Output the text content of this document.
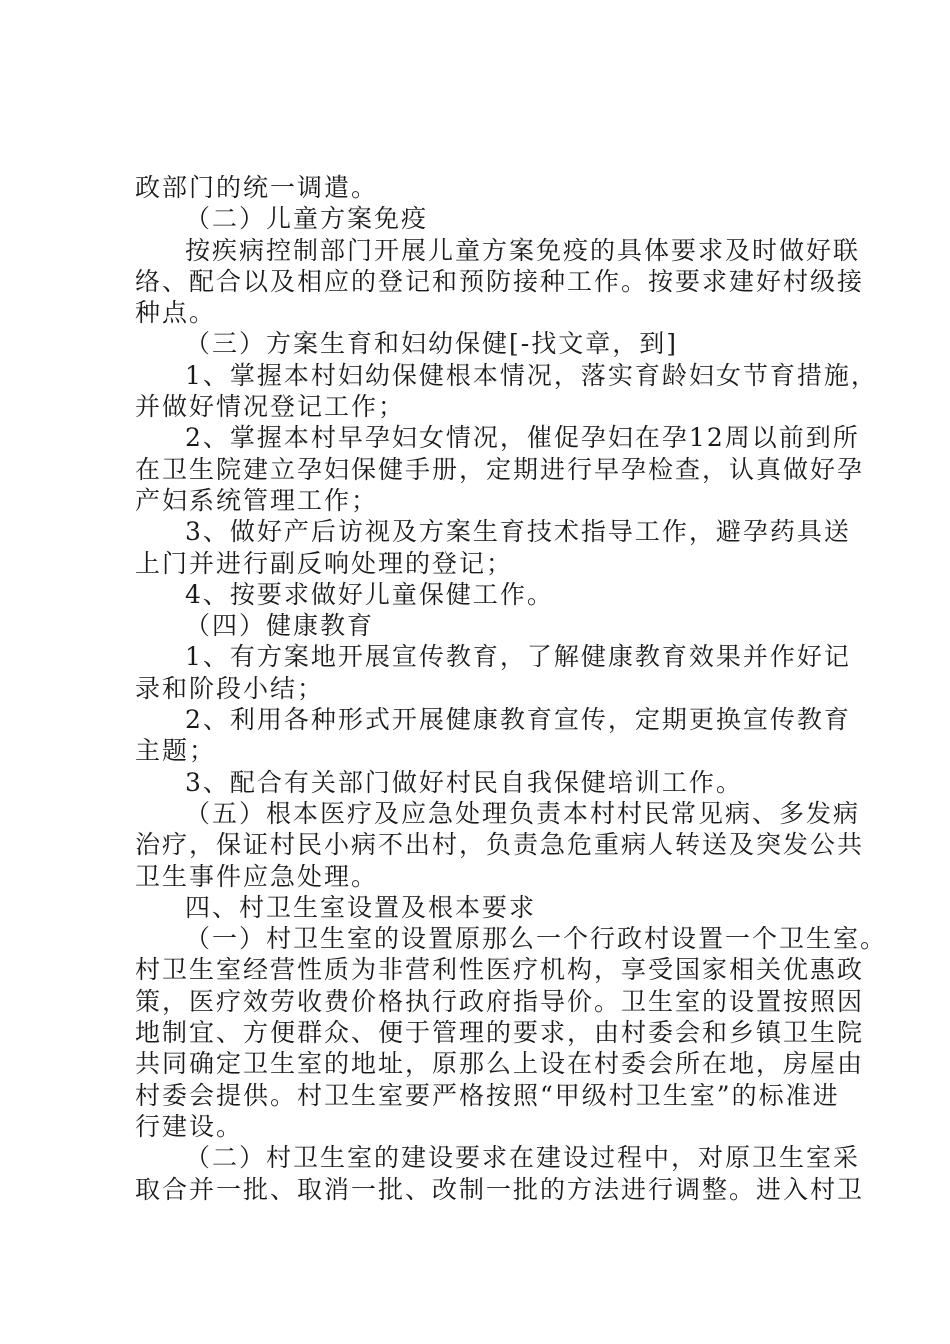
政部门的统一调遣。
（二）儿童方案免疫
按疾病控制部门开展儿童方案免疫的具体要求及时做好联
络、配合以及相应的登记和预防接种工作。按要求建好村级接
种点。
（三）方案生育和妇幼保健[-找文章，到]
1、掌握本村妇幼保健根本情况，落实育龄妇女节育措施，
并做好情况登记工作；
2、掌握本村早孕妇女情况，催促孕妇在孕12周以前到所
在卫生院建立孕妇保健手册，定期进行早孕检查，认真做好孕
产妇系统管理工作；
3、做好产后访视及方案生育技术指导工作，避孕药具送
上门并进行副反响处理的登记；
4、按要求做好儿童保健工作。
（四）健康教育
1、有方案地开展宣传教育，了解健康教育效果并作好记
录和阶段小结；
2、利用各种形式开展健康教育宣传，定期更换宣传教育
主题；
3、配合有关部门做好村民自我保健培训工作。
（五）根本医疗及应急处理负责本村村民常见病、多发病
治疗，保证村民小病不出村，负责急危重病人转送及突发公共
卫生事件应急处理。
四、村卫生室设置及根本要求
（一）村卫生室的设置原那么一个行政村设置一个卫生室。
村卫生室经营性质为非营利性医疗机构，享受国家相关优惠政
策，医疗效劳收费价格执行政府指导价。卫生室的设置按照因
地制宜、方便群众、便于管理的要求，由村委会和乡镇卫生院
共同确定卫生室的地址，原那么上设在村委会所在地，房屋由
村委会提供。村卫生室要严格按照“甲级村卫生室”的标准进
行建设。
（二）村卫生室的建设要求在建设过程中，对原卫生室采
取合并一批、取消一批、改制一批的方法进行调整。进入村卫
